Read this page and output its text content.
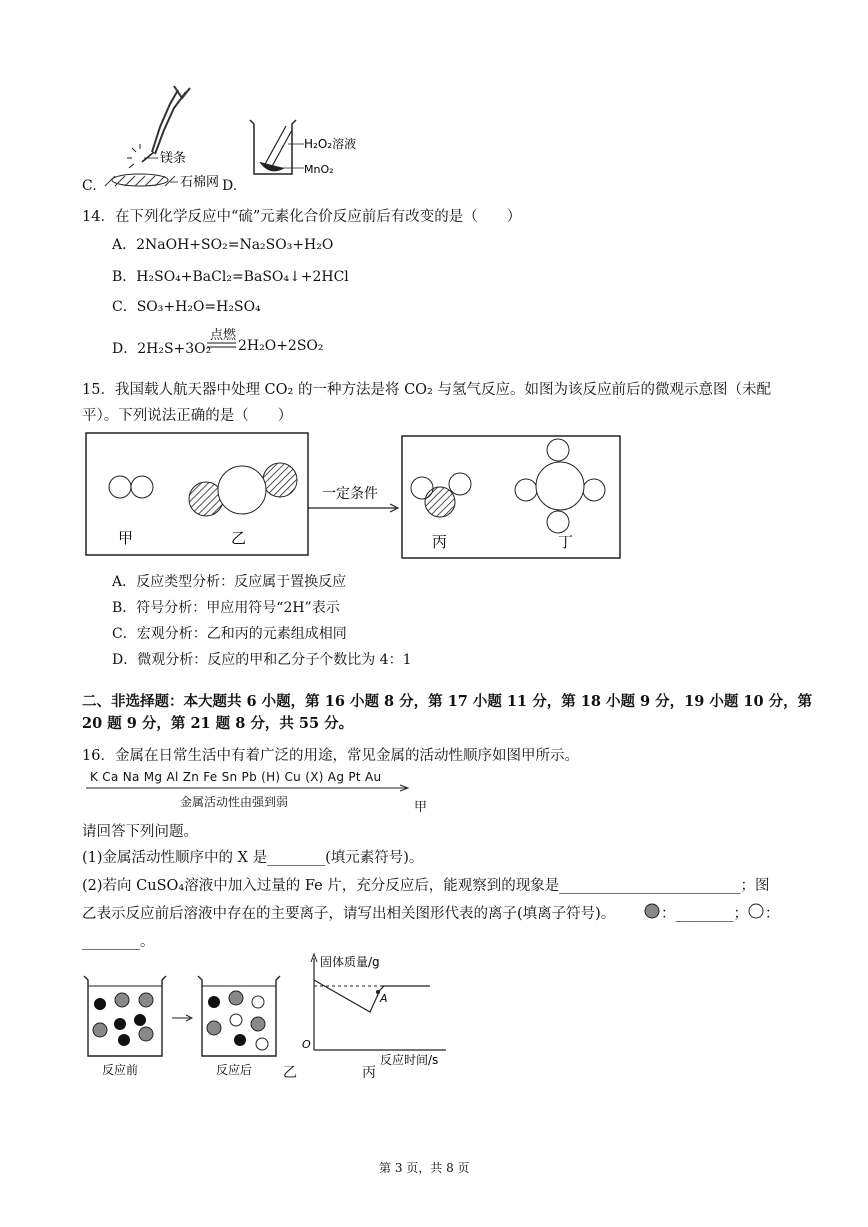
C.
镁条
石棉网 D.
H₂O₂溶液
MnO₂
14．在下列化学反应中“硫”元素化合价反应前后有改变的是（　　）
A．2NaOH+SO₂=Na₂SO₃+H₂O
B．H₂SO₄+BaCl₂=BaSO₄↓+2HCl
C．SO₃+H₂O=H₂SO₄
D．2H₂S+3O₂
点燃
2H₂O+2SO₂
15．我国载人航天器中处理 CO₂ 的一种方法是将 CO₂ 与氢气反应。如图为该反应前后的微观示意图（未配
平）。下列说法正确的是（　　）
甲	乙
一定条件
丙	丁
A．反应类型分析：反应属于置换反应
B．符号分析：甲应用符号“2H”表示
C．宏观分析：乙和丙的元素组成相同
D．微观分析：反应的甲和乙分子个数比为 4：1
二、非选择题：本大题共 6 小题，第 16 小题 8 分，第 17 小题 11 分，第 18 小题 9 分，19 小题 10 分，第
20 题 9 分，第 21 题 8 分，共 55 分。
16．金属在日常生活中有着广泛的用途，常见金属的活动性顺序如图甲所示。
K Ca Na Mg Al Zn Fe Sn Pb (H) Cu (X) Ag Pt Au
金属活动性由强到弱	甲
请回答下列问题。
(1)金属活动性顺序中的 X 是________(填元素符号)。
(2)若向 CuSO₄溶液中加入过量的 Fe 片，充分反应后，能观察到的现象是_________________________；图
乙表示反应前后溶液中存在的主要离子，请写出相关图形代表的离子(填离子符号)。	：________； ：
________。
反应前	反应后 乙
固体质量/g
O
反应时间/s
A
丙
第 3 页，共 8 页
